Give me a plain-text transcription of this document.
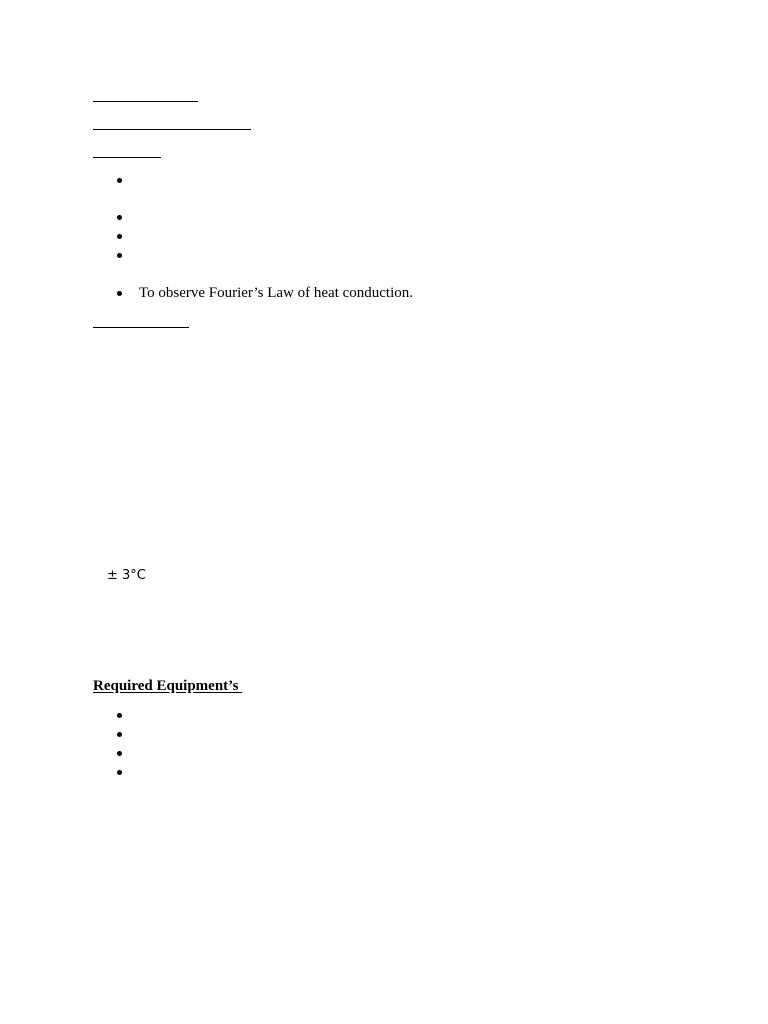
To observe Fourier’s Law of heat conduction.
± 3°C
Required Equipment’s
